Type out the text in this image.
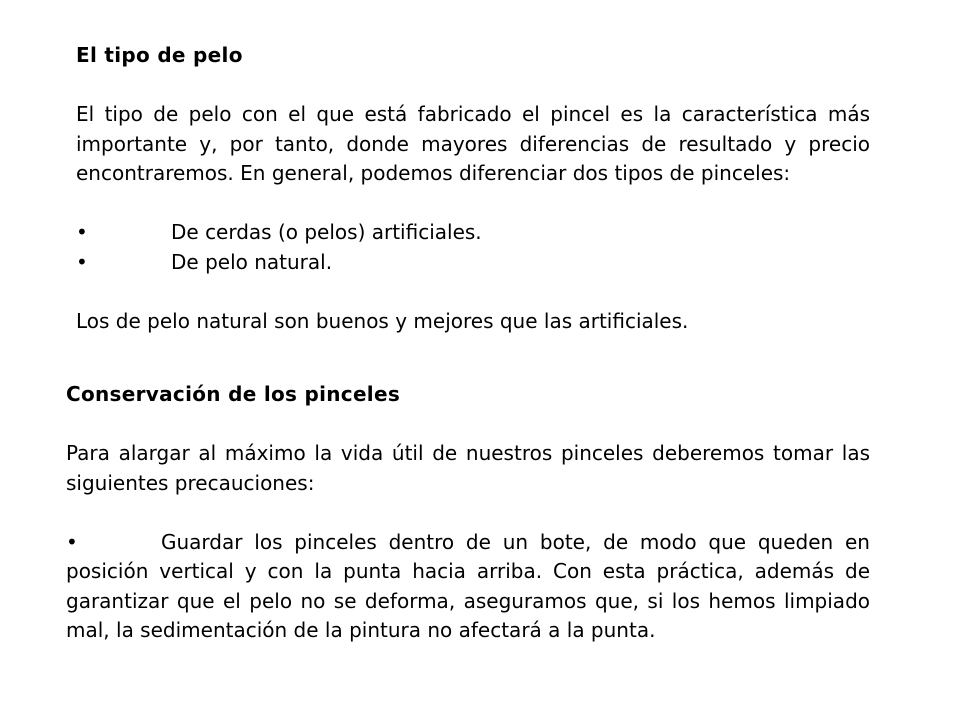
El tipo de pelo

El tipo de pelo con el que está fabricado el pincel es la característica más importante y, por tanto, donde mayores diferencias de resultado y precio encontraremos. En general, podemos diferenciar dos tipos de pinceles:

•	De cerdas (o pelos) artificiales.
•	De pelo natural.

Los de pelo natural son buenos y mejores que las artificiales.

Conservación de los pinceles

Para alargar al máximo la vida útil de nuestros pinceles deberemos tomar las siguientes precauciones:

•	Guardar los pinceles dentro de un bote, de modo que queden en posición vertical y con la punta hacia arriba. Con esta práctica, además de garantizar que el pelo no se deforma, aseguramos que, si los hemos limpiado mal, la sedimentación de la pintura no afectará a la punta.
